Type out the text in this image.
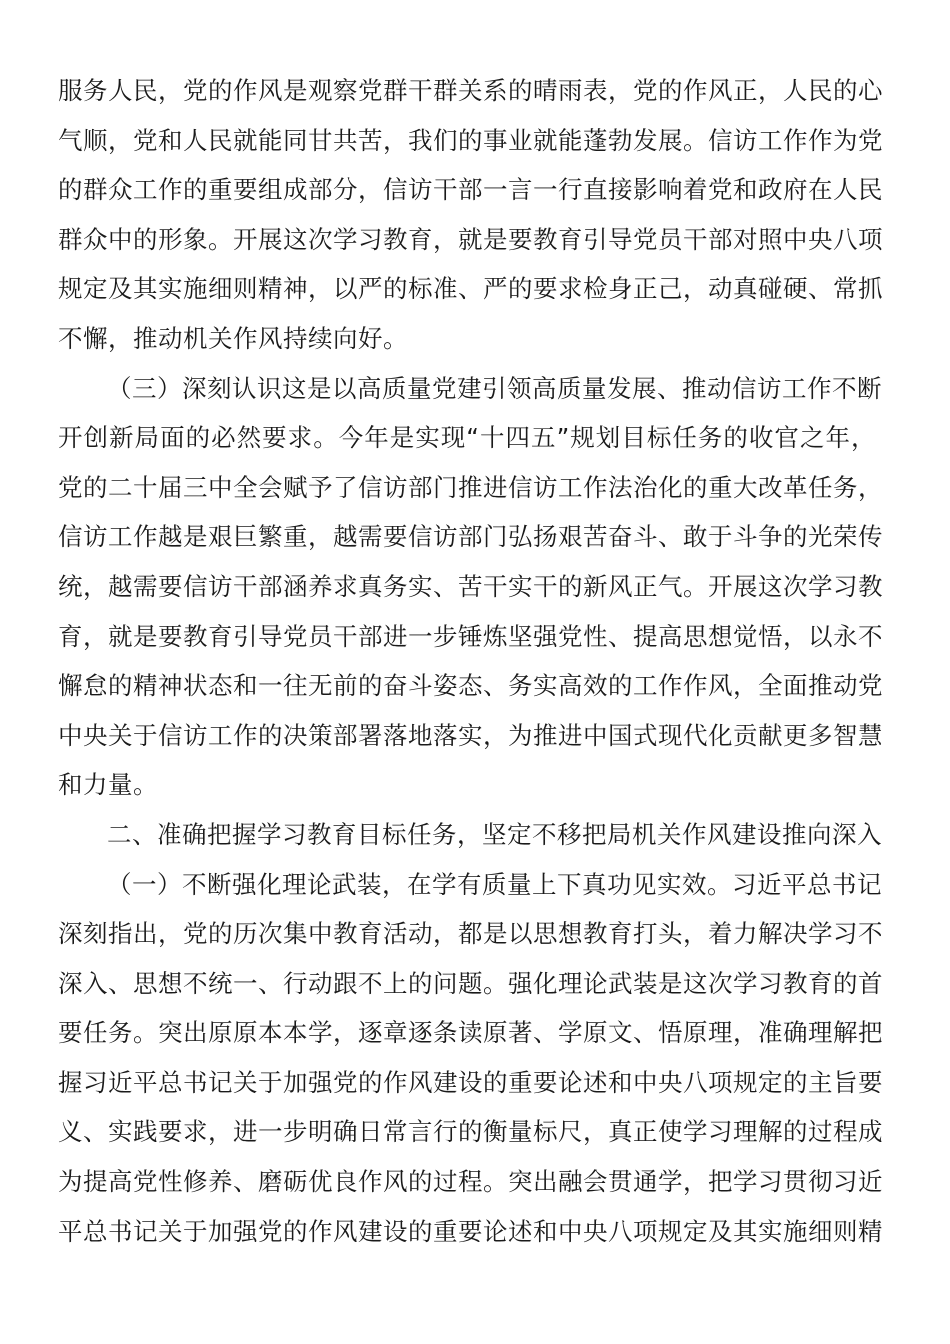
服务人民，党的作风是观察党群干群关系的晴雨表，党的作风正，人民的心
气顺，党和人民就能同甘共苦，我们的事业就能蓬勃发展。信访工作作为党
的群众工作的重要组成部分，信访干部一言一行直接影响着党和政府在人民
群众中的形象。开展这次学习教育，就是要教育引导党员干部对照中央八项
规定及其实施细则精神，以严的标准、严的要求检身正己，动真碰硬、常抓
不懈，推动机关作风持续向好。
（三）深刻认识这是以高质量党建引领高质量发展、推动信访工作不断
开创新局面的必然要求。今年是实现“十四五”规划目标任务的收官之年，
党的二十届三中全会赋予了信访部门推进信访工作法治化的重大改革任务，
信访工作越是艰巨繁重，越需要信访部门弘扬艰苦奋斗、敢于斗争的光荣传
统，越需要信访干部涵养求真务实、苦干实干的新风正气。开展这次学习教
育，就是要教育引导党员干部进一步锤炼坚强党性、提高思想觉悟，以永不
懈怠的精神状态和一往无前的奋斗姿态、务实高效的工作作风，全面推动党
中央关于信访工作的决策部署落地落实，为推进中国式现代化贡献更多智慧
和力量。
二、准确把握学习教育目标任务，坚定不移把局机关作风建设推向深入
（一）不断强化理论武装，在学有质量上下真功见实效。习近平总书记
深刻指出，党的历次集中教育活动，都是以思想教育打头，着力解决学习不
深入、思想不统一、行动跟不上的问题。强化理论武装是这次学习教育的首
要任务。突出原原本本学，逐章逐条读原著、学原文、悟原理，准确理解把
握习近平总书记关于加强党的作风建设的重要论述和中央八项规定的主旨要
义、实践要求，进一步明确日常言行的衡量标尺，真正使学习理解的过程成
为提高党性修养、磨砺优良作风的过程。突出融会贯通学，把学习贯彻习近
平总书记关于加强党的作风建设的重要论述和中央八项规定及其实施细则精
